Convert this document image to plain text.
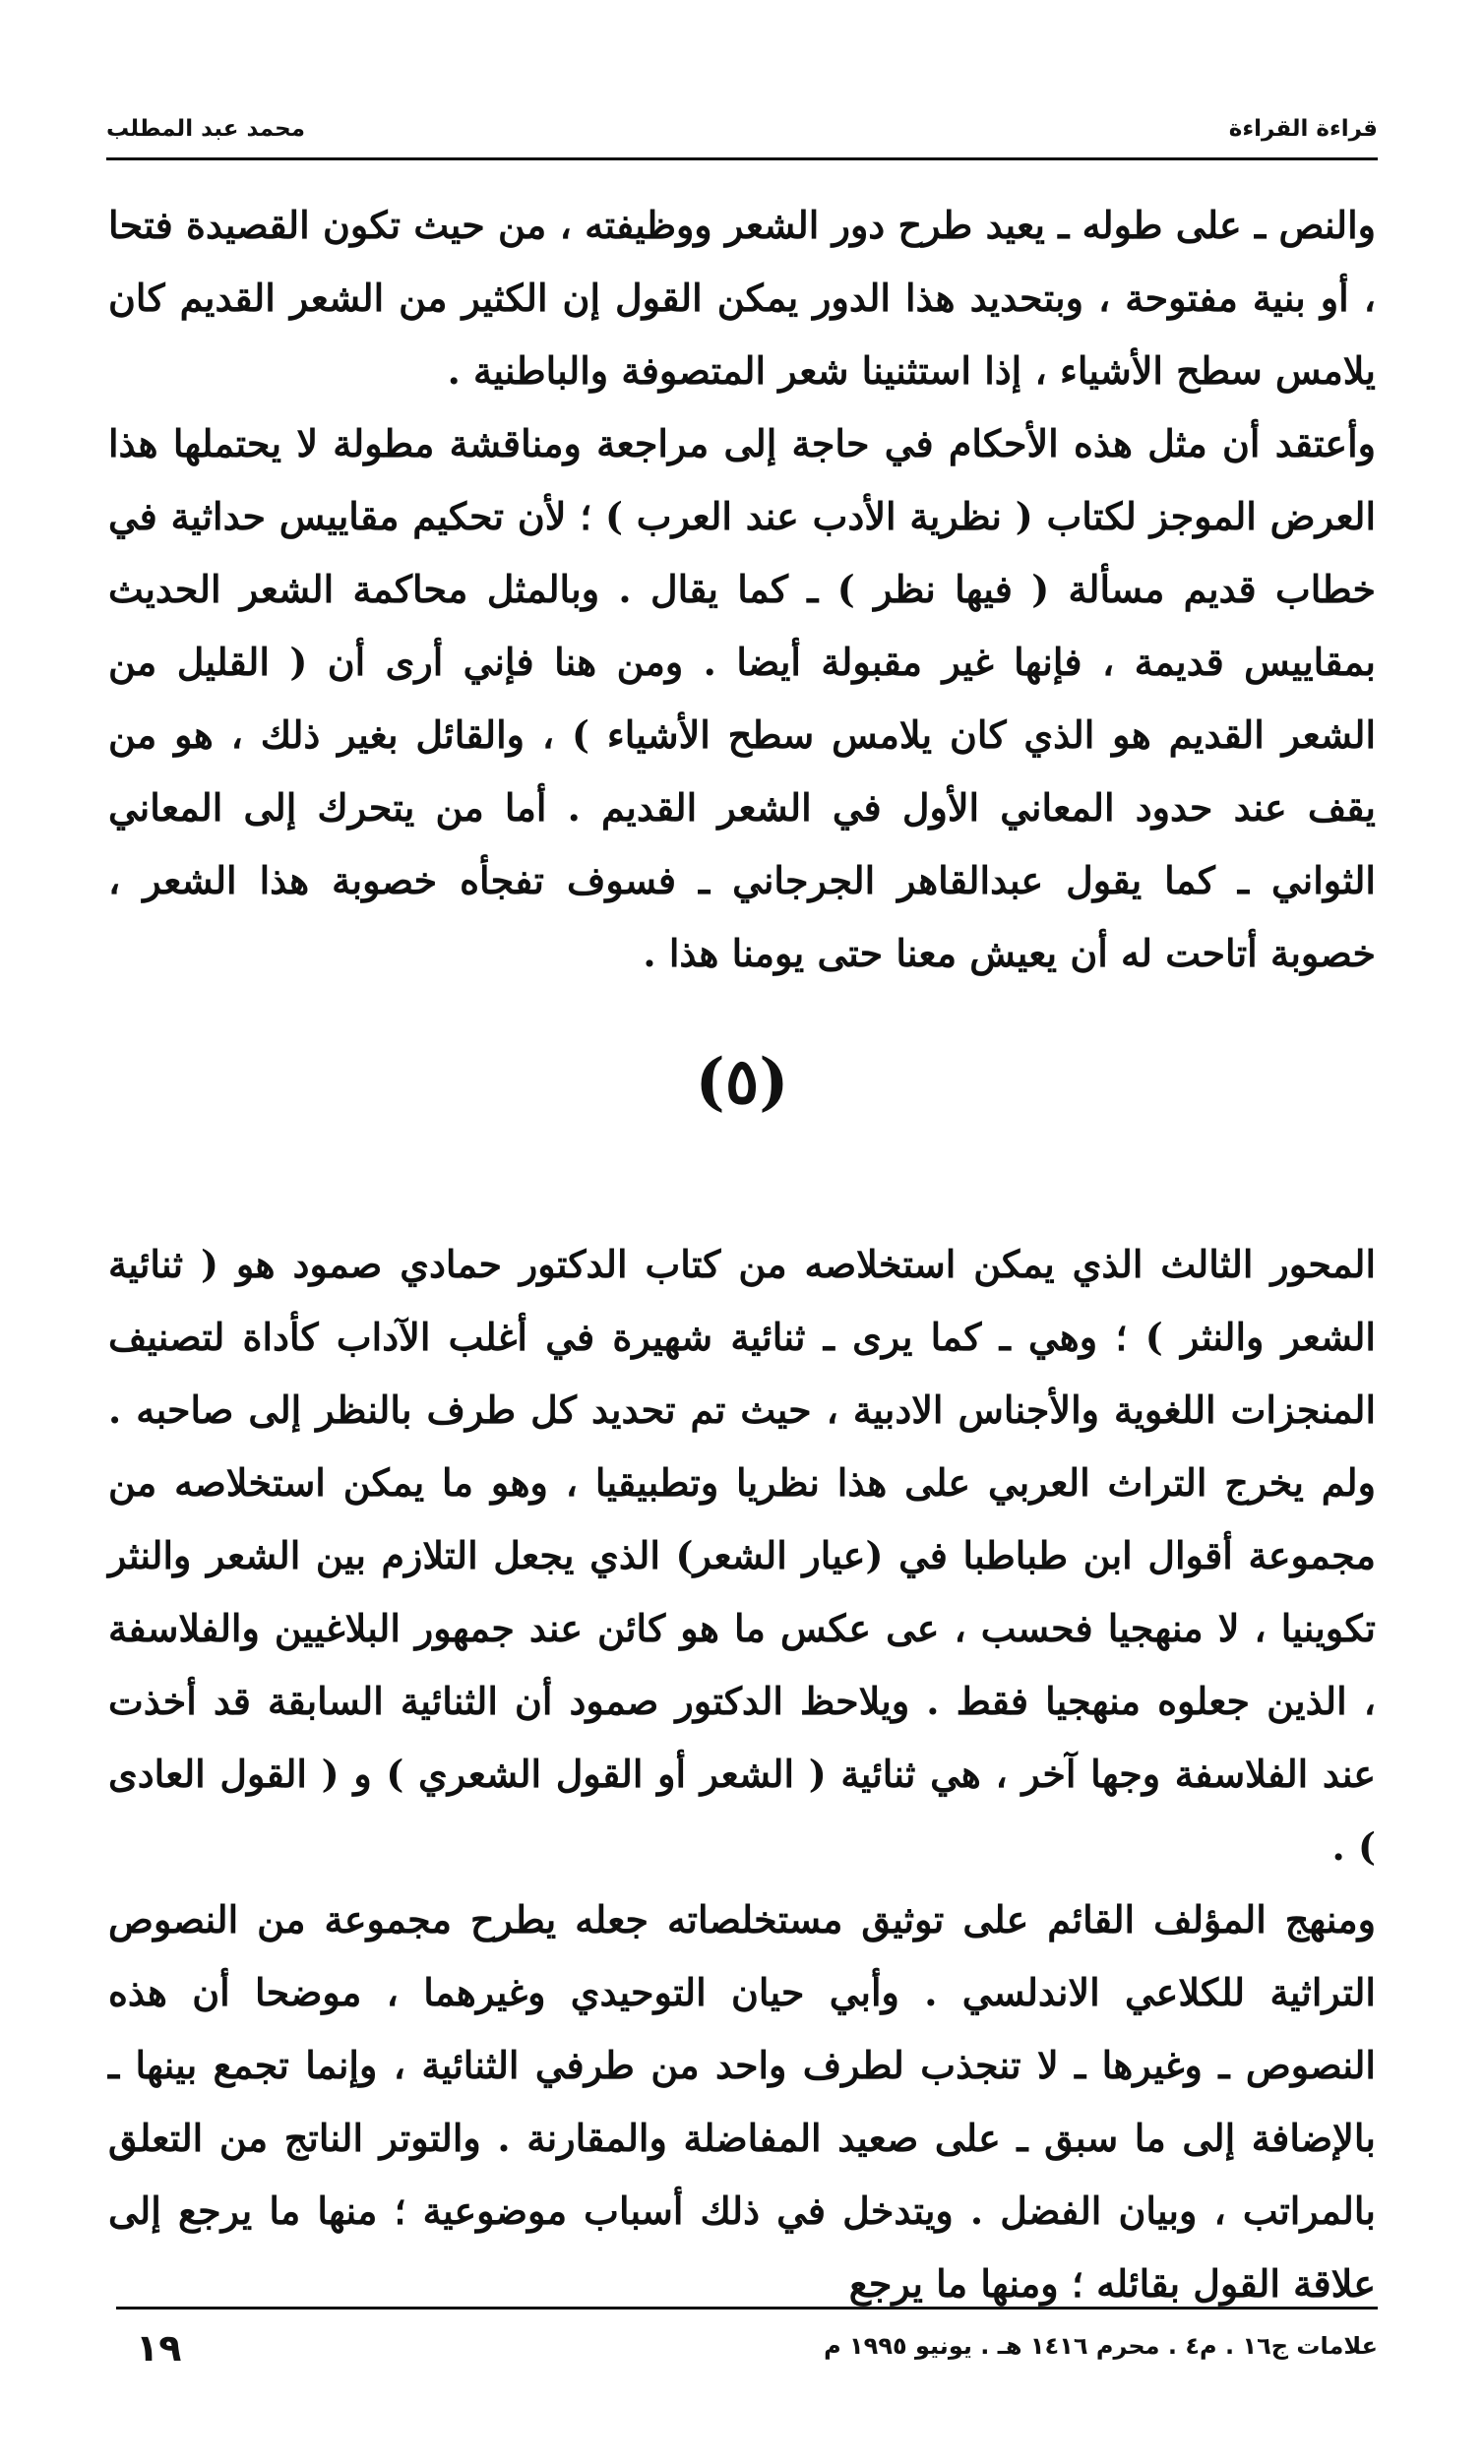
قراءة القراءة
محمد عبد المطلب

والنص ـ على طوله ـ يعيد طرح دور الشعر ووظيفته ، من حيث تكون القصيدة فتحا ، أو بنية مفتوحة ، وبتحديد هذا الدور يمكن القول إن الكثير من الشعر القديم كان يلامس سطح الأشياء ، إذا استثنينا شعر المتصوفة والباطنية .

وأعتقد أن مثل هذه الأحكام في حاجة إلى مراجعة ومناقشة مطولة لا يحتملها هذا العرض الموجز لكتاب ( نظرية الأدب عند العرب ) ؛ لأن تحكيم مقاييس حداثية في خطاب قديم مسألة ( فيها نظر ) ـ كما يقال . وبالمثل محاكمة الشعر الحديث بمقاييس قديمة ، فإنها غير مقبولة أيضا . ومن هنا فإني أرى أن ( القليل من الشعر القديم هو الذي كان يلامس سطح الأشياء ) ، والقائل بغير ذلك ، هو من يقف عند حدود المعاني الأول في الشعر القديم . أما من يتحرك إلى المعاني الثواني ـ كما يقول عبدالقاهر الجرجاني ـ فسوف تفجأه خصوبة هذا الشعر ، خصوبة أتاحت له أن يعيش معنا حتى يومنا هذا .

(٥)

المحور الثالث الذي يمكن استخلاصه من كتاب الدكتور حمادي صمود هو ( ثنائية الشعر والنثر ) ؛ وهي ـ كما يرى ـ ثنائية شهيرة في أغلب الآداب كأداة لتصنيف المنجزات اللغوية والأجناس الادبية ، حيث تم تحديد كل طرف بالنظر إلى صاحبه . ولم يخرج التراث العربي على هذا نظريا وتطبيقيا ، وهو ما يمكن استخلاصه من مجموعة أقوال ابن طباطبا في (عيار الشعر) الذي يجعل التلازم بين الشعر والنثر تكوينيا ، لا منهجيا فحسب ، عى عكس ما هو كائن عند جمهور البلاغيين والفلاسفة ، الذين جعلوه منهجيا فقط . ويلاحظ الدكتور صمود أن الثنائية السابقة قد أخذت عند الفلاسفة وجها آخر ، هي ثنائية ( الشعر أو القول الشعري ) و ( القول العادى ) .

ومنهج المؤلف القائم على توثيق مستخلصاته جعله يطرح مجموعة من النصوص التراثية للكلاعي الاندلسي . وأبي حيان التوحيدي وغيرهما ، موضحا أن هذه النصوص ـ وغيرها ـ لا تنجذب لطرف واحد من طرفي الثنائية ، وإنما تجمع بينها ـ بالإضافة إلى ما سبق ـ على صعيد المفاضلة والمقارنة . والتوتر الناتج من التعلق بالمراتب ، وبيان الفضل . ويتدخل في ذلك أسباب موضوعية ؛ منها ما يرجع إلى علاقة القول بقائله ؛ ومنها ما يرجع

علامات ج١٦ . م٤ . محرم ١٤١٦ هـ . يونيو ١٩٩٥ م
١٩
